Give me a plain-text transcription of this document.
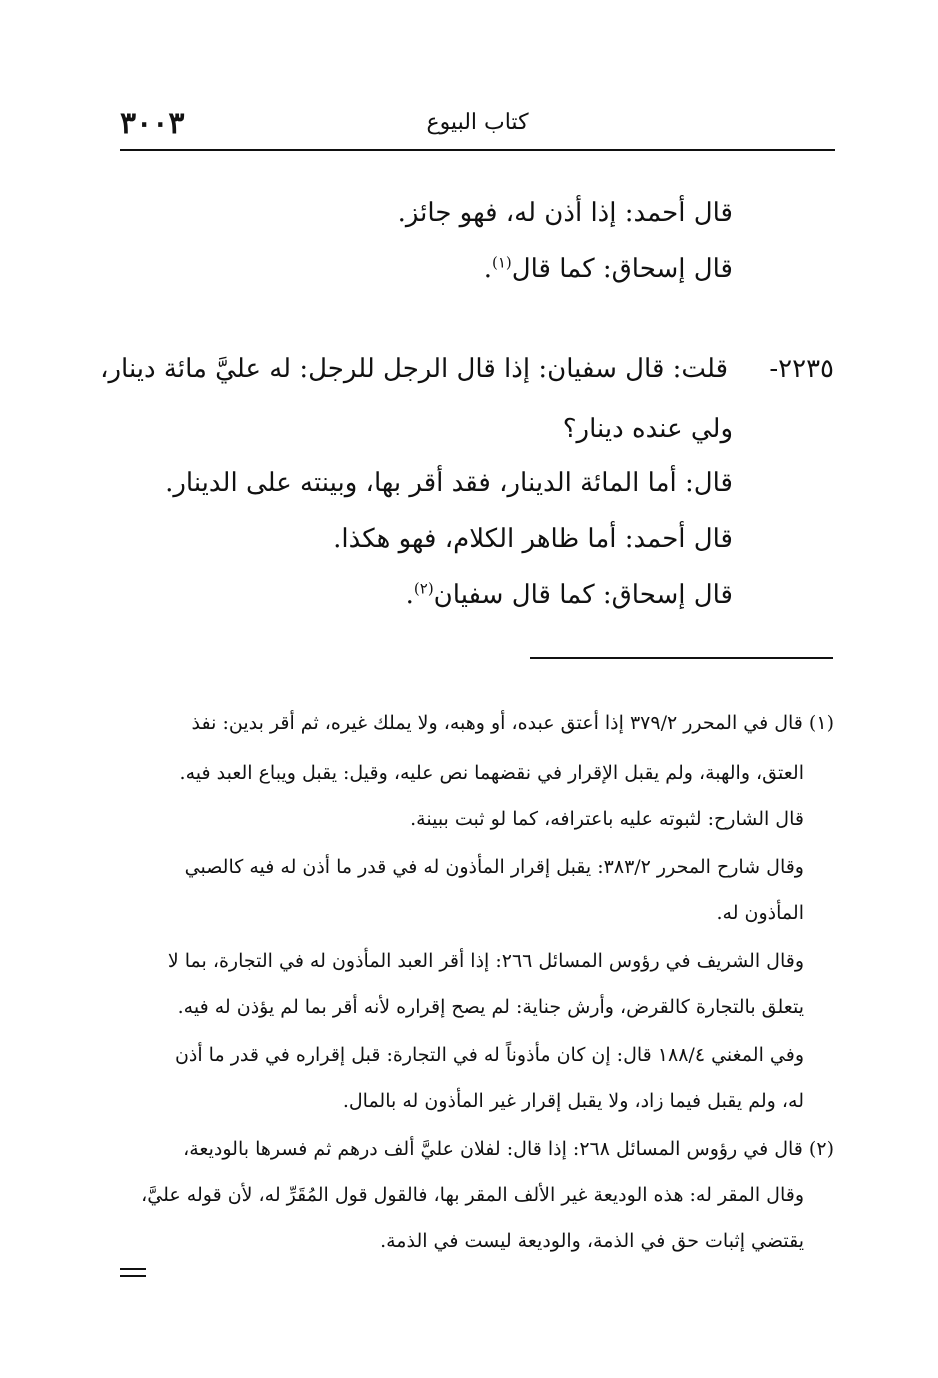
٣٠٠٣	كتاب البيوع
قال أحمد: إذا أذن له، فهو جائز.
قال إسحاق: كما قال$^{(١)}$.
٢٢٣٥-
قلت: قال سفيان: إذا قال الرجل للرجل: له عليَّ مائة دينار،
ولي عنده دينار؟
قال: أما المائة الدينار، فقد أقر بها، وبينته على الدينار.
قال أحمد: أما ظاهر الكلام، فهو هكذا.
قال إسحاق: كما قال سفيان$^{(٢)}$.
(١) قال في المحرر ٣٧٩/٢ إذا أعتق عبده، أو وهبه، ولا يملك غيره، ثم أقر بدين: نفذ
العتق، والهبة، ولم يقبل الإقرار في نقضهما نص عليه، وقيل: يقبل ويباع العبد فيه.
قال الشارح: لثبوته عليه باعترافه، كما لو ثبت ببينة.
وقال شارح المحرر ٣٨٣/٢: يقبل إقرار المأذون له في قدر ما أذن له فيه كالصبي
المأذون له.
وقال الشريف في رؤوس المسائل ٢٦٦: إذا أقر العبد المأذون له في التجارة، بما لا
يتعلق بالتجارة كالقرض، وأرش جناية: لم يصح إقراره لأنه أقر بما لم يؤذن له فيه.
وفي المغني ١٨٨/٤ قال: إن كان مأذوناً له في التجارة: قبل إقراره في قدر ما أذن
له، ولم يقبل فيما زاد، ولا يقبل إقرار غير المأذون له بالمال.
(٢) قال في رؤوس المسائل ٢٦٨: إذا قال: لفلان عليَّ ألف درهم ثم فسرها بالوديعة،
وقال المقر له: هذه الوديعة غير الألف المقر بها، فالقول قول المُقَرِّ له، لأن قوله عليَّ،
يقتضي إثبات حق في الذمة، والوديعة ليست في الذمة.
